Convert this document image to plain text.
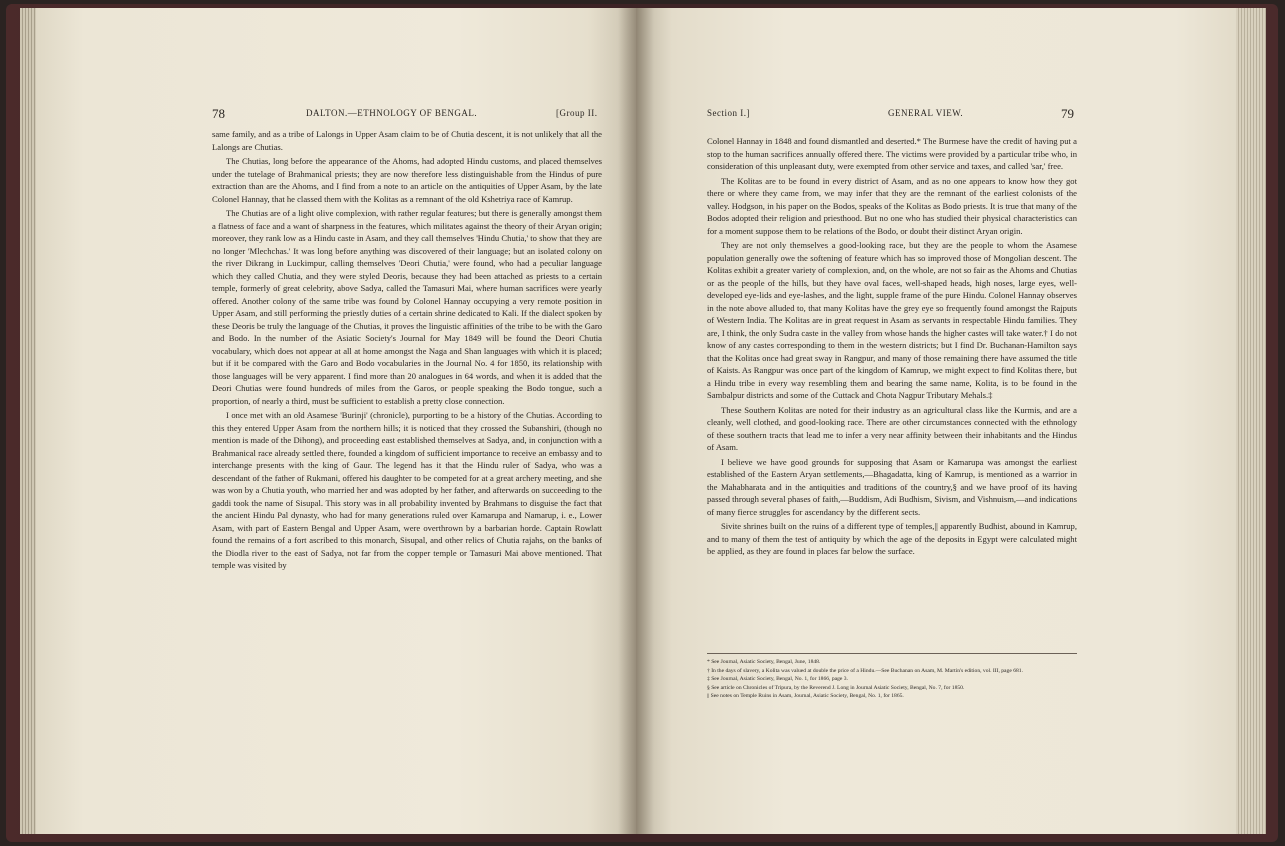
78	DALTON.—ETHNOLOGY OF BENGAL.	[Group II.

same family, and as a tribe of Lalongs in Upper Asam claim to be of Chutia descent, it is not unlikely that all the Lalongs are Chutias.

The Chutias, long before the appearance of the Ahoms, had adopted Hindu customs, and placed themselves under the tutelage of Brahmanical priests; they are now therefore less distinguishable from the Hindus of pure extraction than are the Ahoms, and I find from a note to an article on the antiquities of Upper Asam, by the late Colonel Hannay, that he classed them with the Kolitas as a remnant of the old Kshetriya race of Kamrup.

The Chutias are of a light olive complexion, with rather regular features; but there is generally amongst them a flatness of face and a want of sharpness in the features, which militates against the theory of their Aryan origin; moreover, they rank low as a Hindu caste in Asam, and they call themselves 'Hindu Chutia,' to show that they are no longer 'Mlechchas.' It was long before anything was discovered of their language; but an isolated colony on the river Dikrang in Luckimpur, calling themselves 'Deori Chutia,' were found, who had a peculiar language which they called Chutia, and they were styled Deoris, because they had been attached as priests to a certain temple, formerly of great celebrity, above Sadya, called the Tamasuri Mai, where human sacrifices were yearly offered. Another colony of the same tribe was found by Colonel Hannay occupying a very remote position in Upper Asam, and still performing the priestly duties of a certain shrine dedicated to Kali. If the dialect spoken by these Deoris be truly the language of the Chutias, it proves the linguistic affinities of the tribe to be with the Garo and Bodo. In the number of the Asiatic Society's Journal for May 1849 will be found the Deori Chutia vocabulary, which does not appear at all at home amongst the Naga and Shan languages with which it is placed; but if it be compared with the Garo and Bodo vocabularies in the Journal No. 4 for 1850, its relationship with those languages will be very apparent. I find more than 20 analogues in 64 words, and when it is added that the Deori Chutias were found hundreds of miles from the Garos, or people speaking the Bodo tongue, such a proportion, of nearly a third, must be sufficient to establish a pretty close connection.

I once met with an old Asamese 'Burinji' (chronicle), purporting to be a history of the Chutias. According to this they entered Upper Asam from the northern hills; it is noticed that they crossed the Subanshiri, (though no mention is made of the Dihong), and proceeding east established themselves at Sadya, and, in conjunction with a Brahmanical race already settled there, founded a kingdom of sufficient importance to receive an embassy and to interchange presents with the king of Gaur. The legend has it that the Hindu ruler of Sadya, who was a descendant of the father of Rukmani, offered his daughter to be competed for at a great archery meeting, and she was won by a Chutia youth, who married her and was adopted by her father, and afterwards on succeeding to the gaddi took the name of Sisupal. This story was in all probability invented by Brahmans to disguise the fact that the ancient Hindu Pal dynasty, who had for many generations ruled over Kamarupa and Namarup, i. e., Lower Asam, with part of Eastern Bengal and Upper Asam, were overthrown by a barbarian horde. Captain Rowlatt found the remains of a fort ascribed to this monarch, Sisupal, and other relics of Chutia rajahs, on the banks of the Diodla river to the east of Sadya, not far from the copper temple or Tamasuri Mai above mentioned. That temple was visited by

Section I.]	GENERAL VIEW.	79

Colonel Hannay in 1848 and found dismantled and deserted.* The Burmese have the credit of having put a stop to the human sacrifices annually offered there. The victims were provided by a particular tribe who, in consideration of this unpleasant duty, were exempted from other service and taxes, and called 'sar,' free.

The Kolitas are to be found in every district of Asam, and as no one appears to know how they got there or where they came from, we may infer that they are the remnant of the earliest colonists of the valley. Hodgson, in his paper on the Bodos, speaks of the Kolitas as Bodo priests. It is true that many of the Bodos adopted their religion and priesthood. But no one who has studied their physical characteristics can for a moment suppose them to be relations of the Bodo, or doubt their distinct Aryan origin.

They are not only themselves a good-looking race, but they are the people to whom the Asamese population generally owe the softening of feature which has so improved those of Mongolian descent. The Kolitas exhibit a greater variety of complexion, and, on the whole, are not so fair as the Ahoms and Chutias or as the people of the hills, but they have oval faces, well-shaped heads, high noses, large eyes, well-developed eye-lids and eye-lashes, and the light, supple frame of the pure Hindu. Colonel Hannay observes in the note above alluded to, that many Kolitas have the grey eye so frequently found amongst the Rajputs of Western India. The Kolitas are in great request in Asam as servants in respectable Hindu families. They are, I think, the only Sudra caste in the valley from whose hands the higher castes will take water.† I do not know of any castes corresponding to them in the western districts; but I find Dr. Buchanan-Hamilton says that the Kolitas once had great sway in Rangpur, and many of those remaining there have assumed the title of Kaists. As Rangpur was once part of the kingdom of Kamrup, we might expect to find Kolitas there, but a Hindu tribe in every way resembling them and bearing the same name, Kolita, is to be found in the Sambalpur districts and some of the Cuttack and Chota Nagpur Tributary Mehals.‡

These Southern Kolitas are noted for their industry as an agricultural class like the Kurmis, and are a cleanly, well clothed, and good-looking race. There are other circumstances connected with the ethnology of these southern tracts that lead me to infer a very near affinity between their inhabitants and the Hindus of Asam.

I believe we have good grounds for supposing that Asam or Kamarupa was amongst the earliest established of the Eastern Aryan settlements,—Bhagadatta, king of Kamrup, is mentioned as a warrior in the Mahabharata and in the antiquities and traditions of the country,§ and we have proof of its having passed through several phases of faith,—Buddism, Adi Budhism, Sivism, and Vishnuism,—and indications of many fierce struggles for ascendancy by the different sects.

Sivite shrines built on the ruins of a different type of temples,|| apparently Budhist, abound in Kamrup, and to many of them the test of antiquity by which the age of the deposits in Egypt were calculated might be applied, as they are found in places far below the surface.

* See Journal, Asiatic Society, Bengal, June, 1848.
† In the days of slavery, a Kolita was valued at double the price of a Hindu.—See Buchanan on Asam, M. Martin's edition, vol. III, page 681.
‡ See Journal, Asiatic Society, Bengal, No. 1, for 1866, page 3.
§ See article on Chronicles of Tripura, by the Reverend J. Long in Journal Asiatic Society, Bengal, No. 7, for 1850.
|| See notes on Temple Ruins in Asam, Journal, Asiatic Society, Bengal, No. 1, for 1865.
